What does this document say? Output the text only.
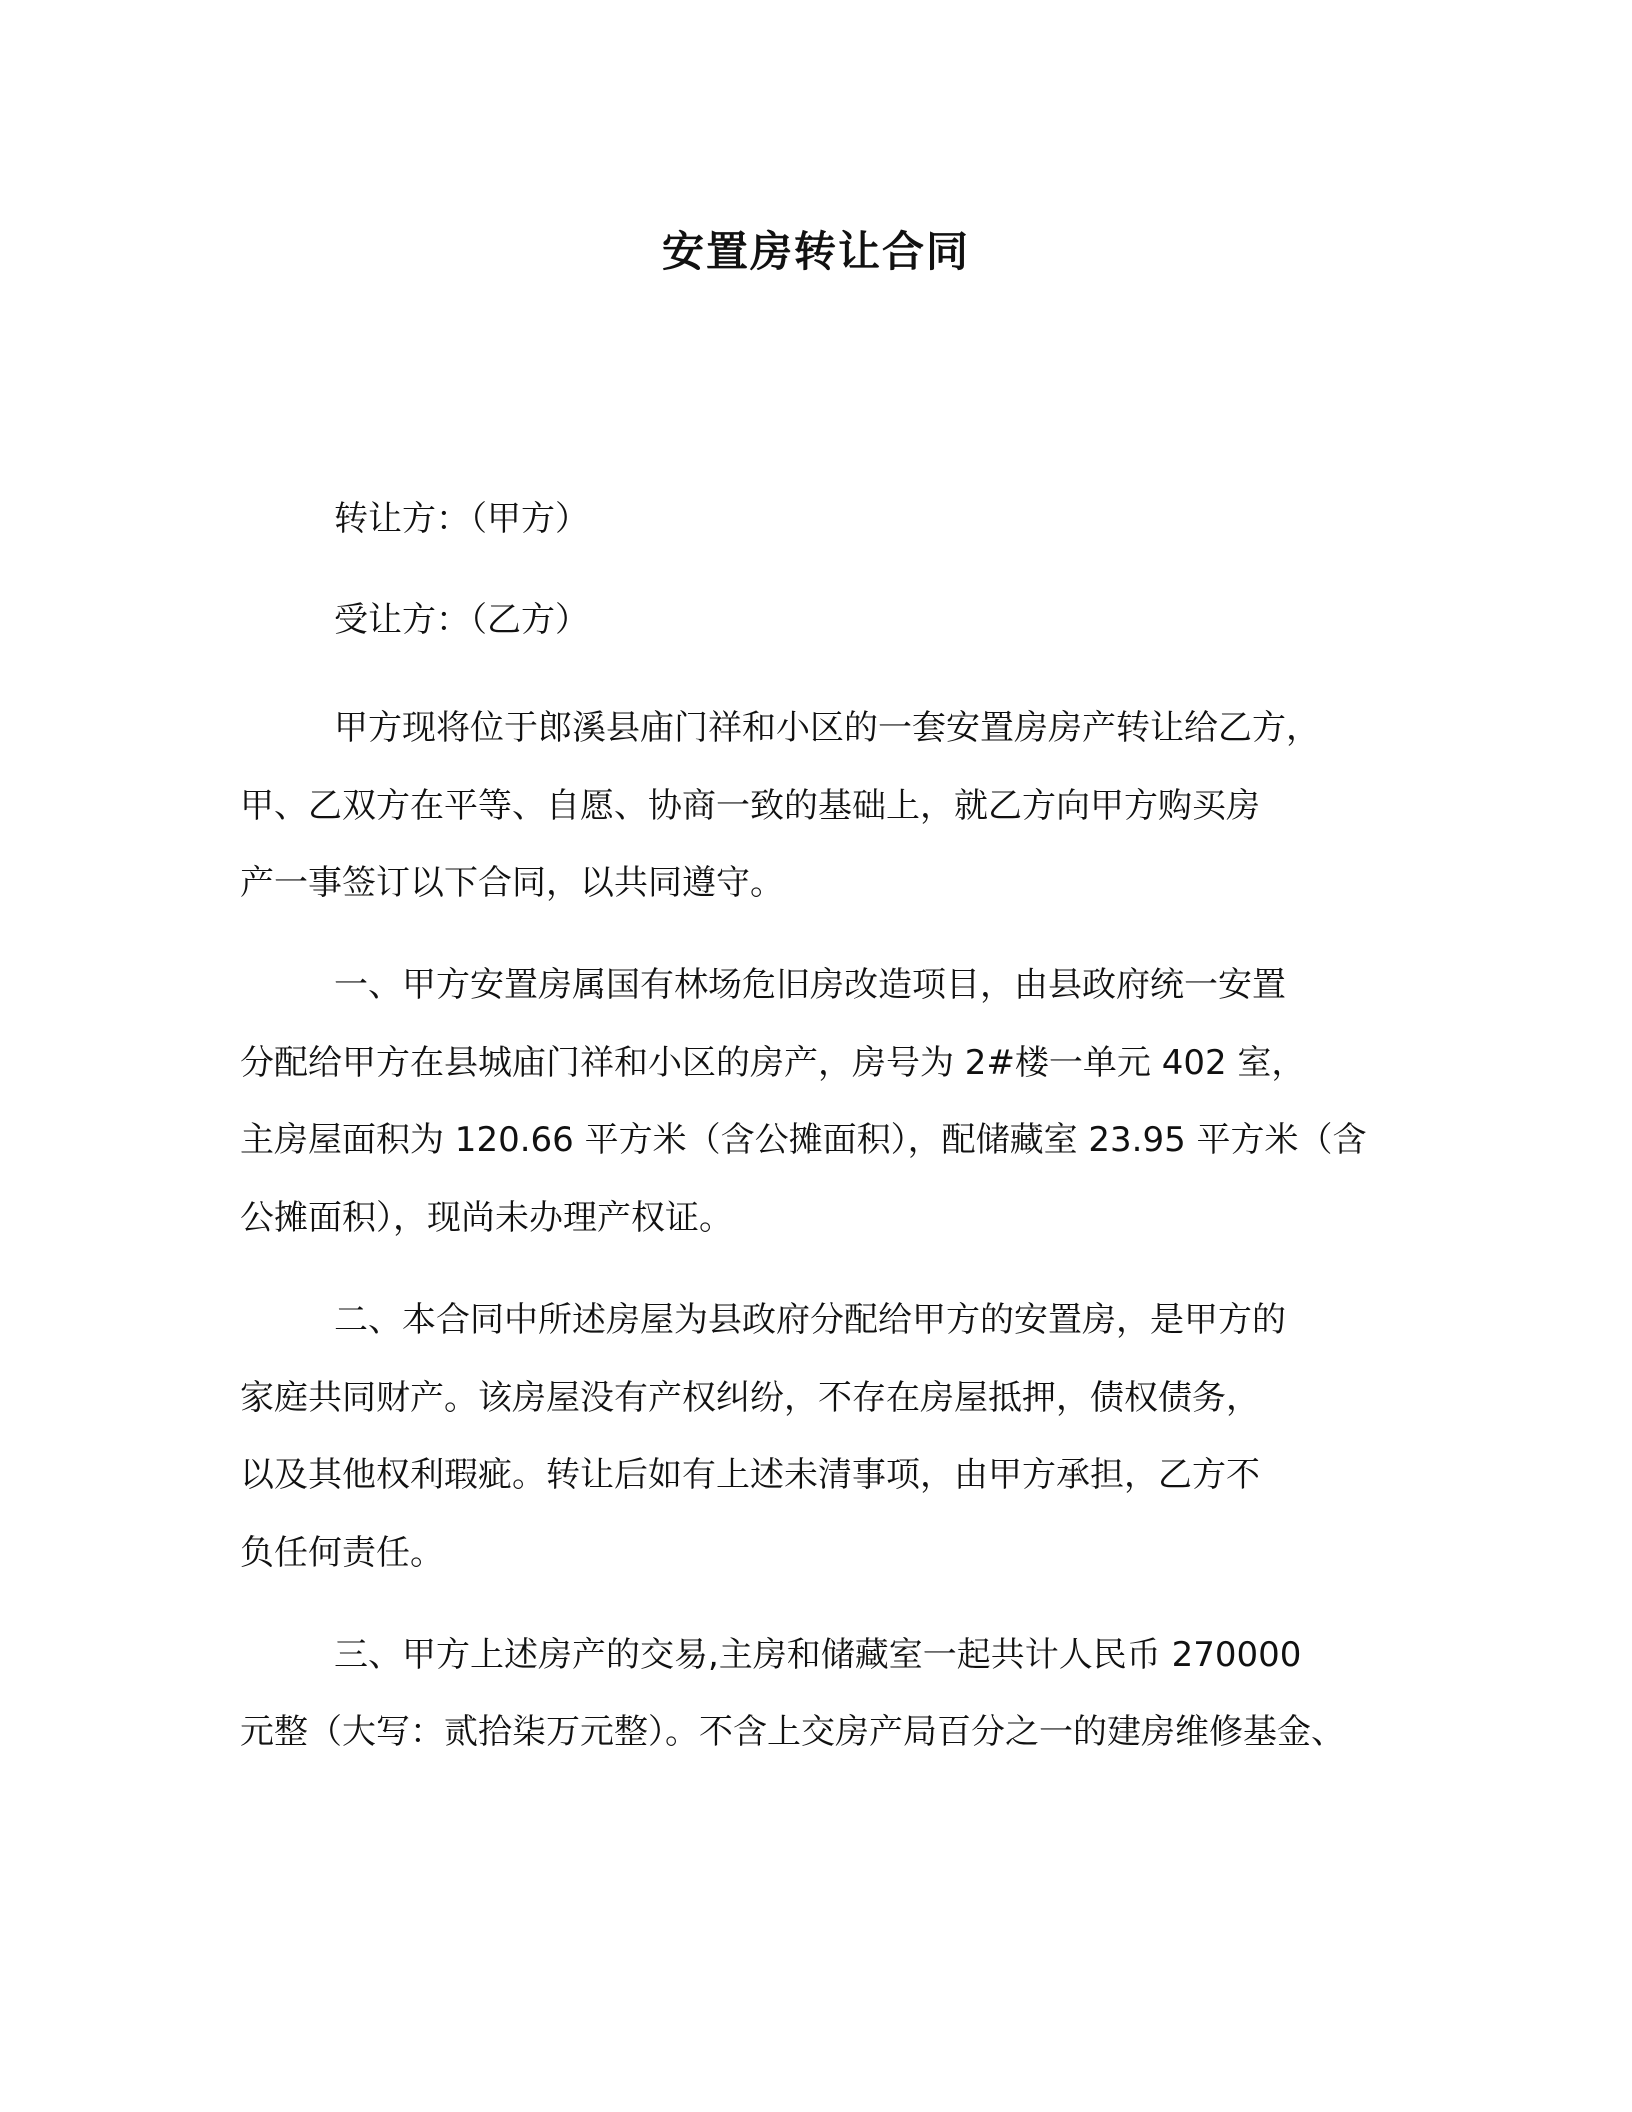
安置房转让合同
转让方：（甲方）
受让方：（乙方）
甲方现将位于郎溪县庙门祥和小区的一套安置房房产转让给乙方，
甲、乙双方在平等、自愿、协商一致的基础上，就乙方向甲方购买房
产一事签订以下合同，以共同遵守。
一、甲方安置房属国有林场危旧房改造项目，由县政府统一安置
分配给甲方在县城庙门祥和小区的房产，房号为 2#楼一单元 402 室，
主房屋面积为 120.66 平方米（含公摊面积），配储藏室 23.95 平方米（含
公摊面积），现尚未办理产权证。
二、本合同中所述房屋为县政府分配给甲方的安置房，是甲方的
家庭共同财产。该房屋没有产权纠纷，不存在房屋抵押，债权债务，
以及其他权利瑕疵。转让后如有上述未清事项，由甲方承担，乙方不
负任何责任。
三、甲方上述房产的交易,主房和储藏室一起共计人民币 270000
元整（大写：贰拾柒万元整）。不含上交房产局百分之一的建房维修基金、
